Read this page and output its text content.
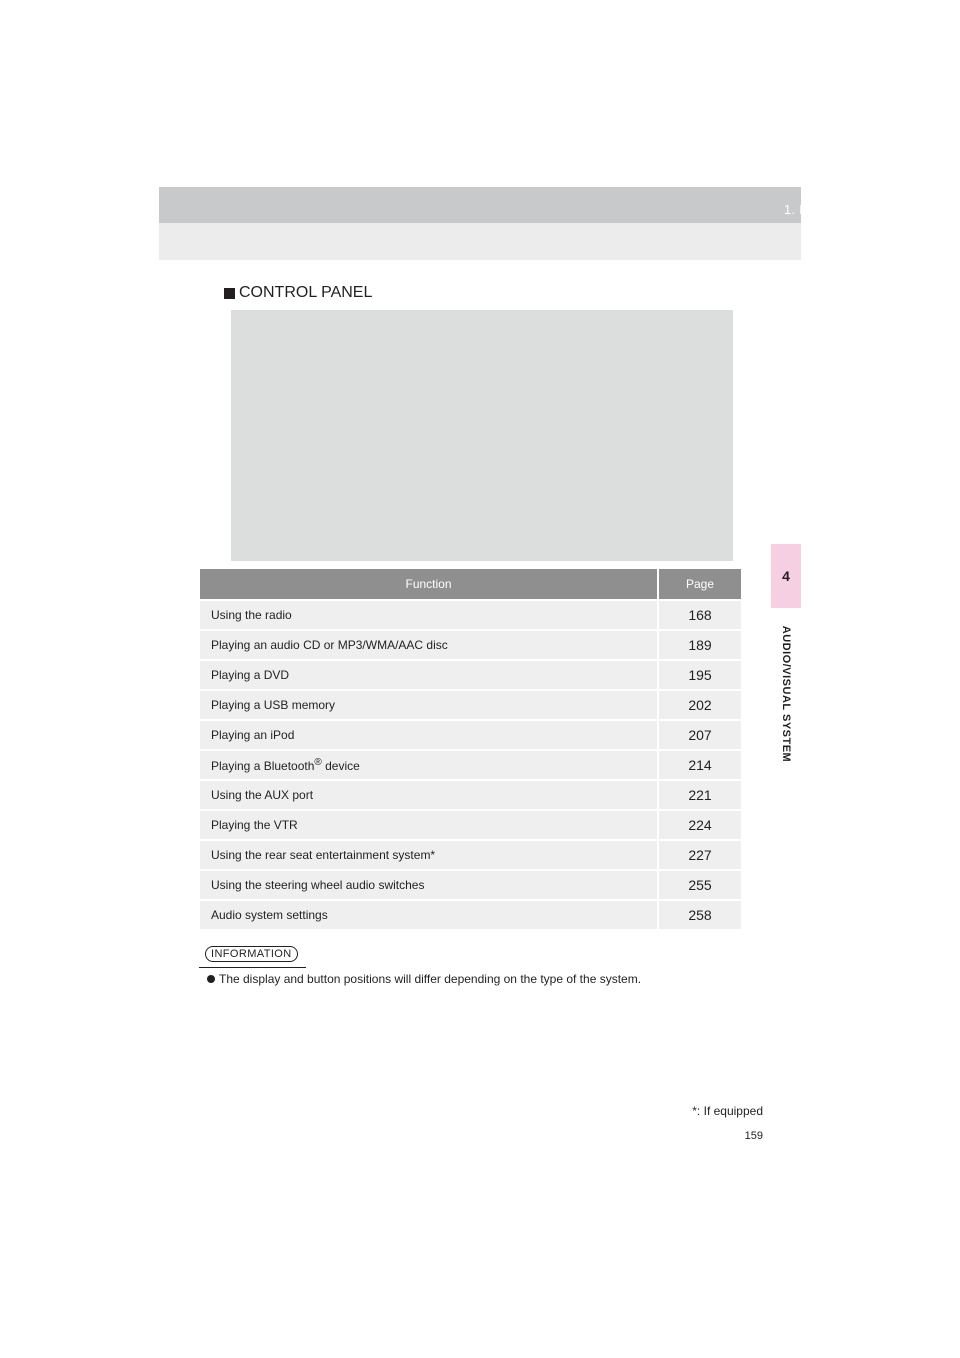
1. BASIC OPERATION
4
AUDIO/VISUAL SYSTEM
CONTROL PANEL
Function	Page
Using the radio	168
Playing an audio CD or MP3/WMA/AAC disc	189
Playing a DVD	195
Playing a USB memory	202
Playing an iPod	207
Playing a Bluetooth® device	214
Using the AUX port	221
Playing the VTR	224
Using the rear seat entertainment system*	227
Using the steering wheel audio switches	255
Audio system settings	258
INFORMATION
The display and button positions will differ depending on the type of the system.
*: If equipped
159
